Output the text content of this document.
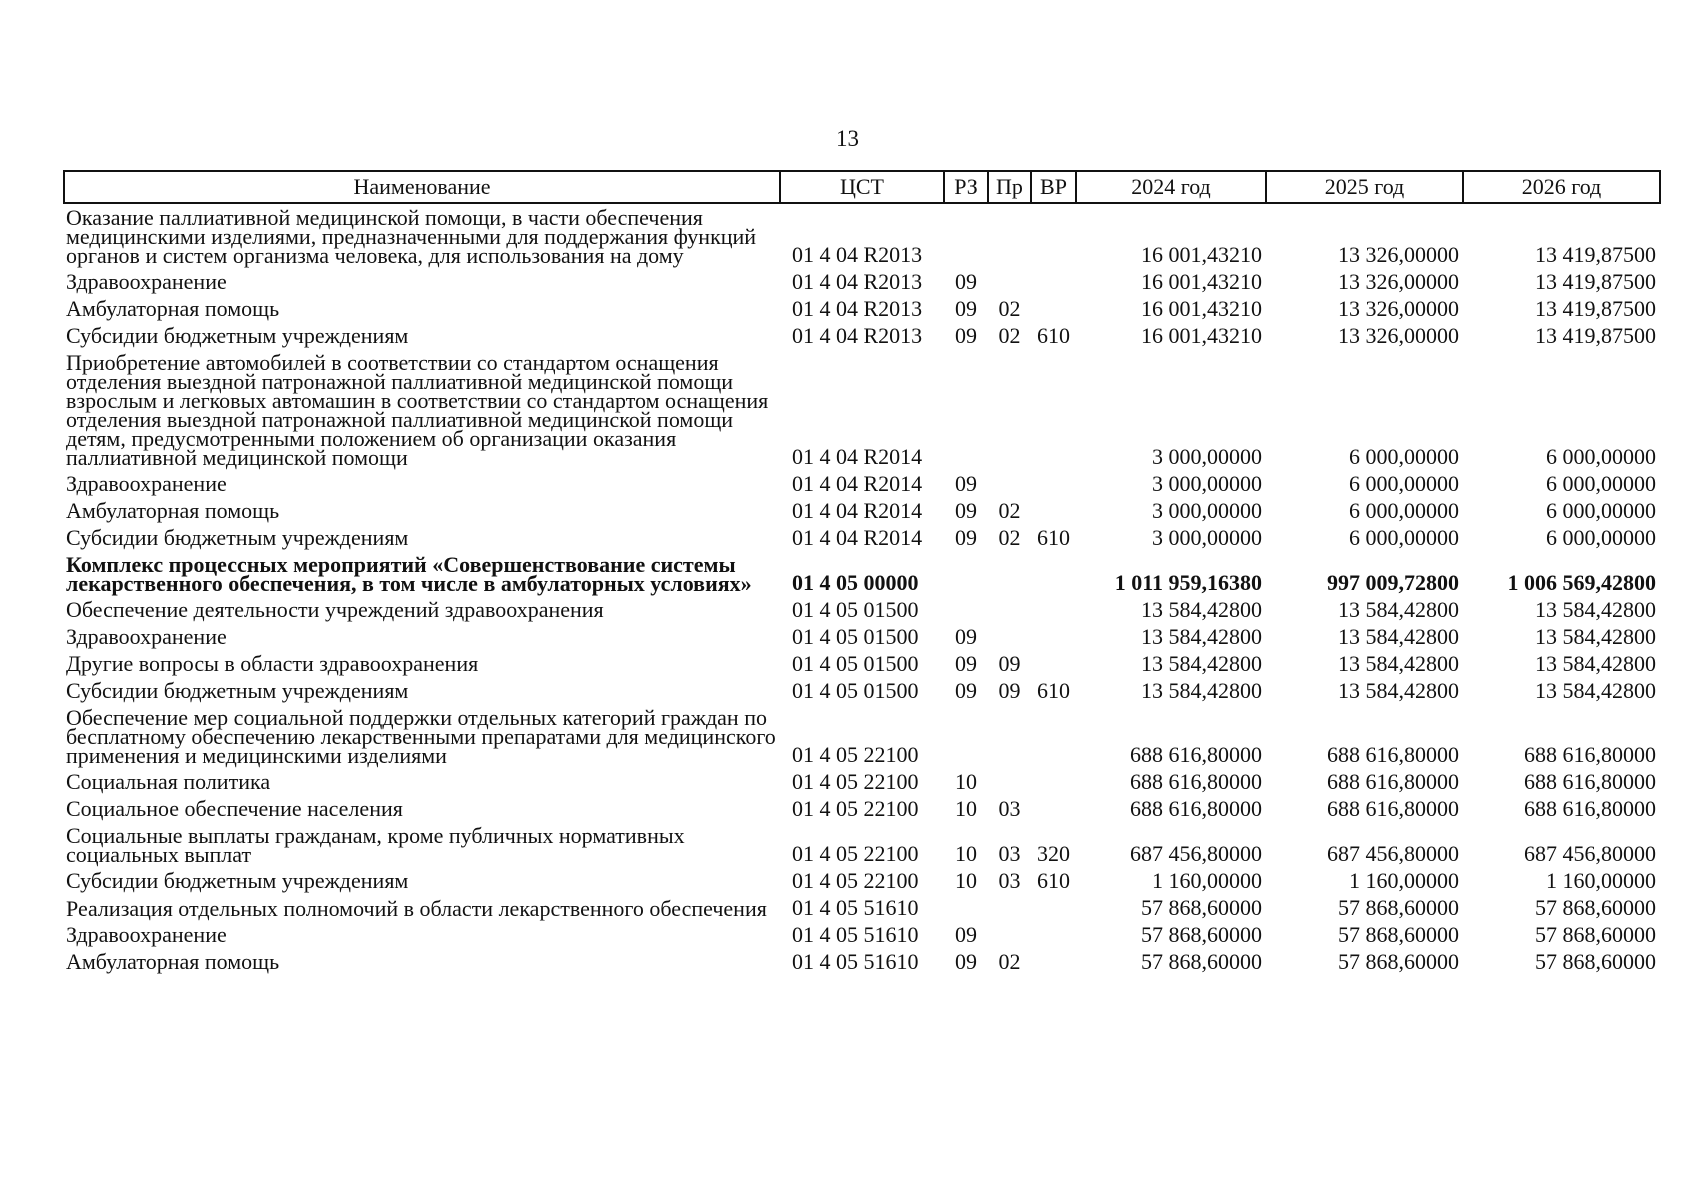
13
Наименование	ЦСТ	РЗ	Пр	ВР	2024 год	2025 год	2026 год
Оказание паллиативной медицинской помощи, в части обеспечения медицинскими изделиями, предназначенными для поддержания функций органов и систем организма человека, для использования на дому	01 4 04 R2013				16 001,43210	13 326,00000	13 419,87500
Здравоохранение	01 4 04 R2013	09			16 001,43210	13 326,00000	13 419,87500
Амбулаторная помощь	01 4 04 R2013	09	02		16 001,43210	13 326,00000	13 419,87500
Субсидии бюджетным учреждениям	01 4 04 R2013	09	02	610	16 001,43210	13 326,00000	13 419,87500
Приобретение автомобилей в соответствии со стандартом оснащения отделения выездной патронажной паллиативной медицинской помощи взрослым и легковых автомашин в соответствии со стандартом оснащения отделения выездной патронажной паллиативной медицинской помощи детям, предусмотренными положением об организации оказания паллиативной медицинской помощи	01 4 04 R2014				3 000,00000	6 000,00000	6 000,00000
Здравоохранение	01 4 04 R2014	09			3 000,00000	6 000,00000	6 000,00000
Амбулаторная помощь	01 4 04 R2014	09	02		3 000,00000	6 000,00000	6 000,00000
Субсидии бюджетным учреждениям	01 4 04 R2014	09	02	610	3 000,00000	6 000,00000	6 000,00000
Комплекс процессных мероприятий «Совершенствование системы лекарственного обеспечения, в том числе в амбулаторных условиях»	01 4 05 00000				1 011 959,16380	997 009,72800	1 006 569,42800
Обеспечение деятельности учреждений здравоохранения	01 4 05 01500				13 584,42800	13 584,42800	13 584,42800
Здравоохранение	01 4 05 01500	09			13 584,42800	13 584,42800	13 584,42800
Другие вопросы в области здравоохранения	01 4 05 01500	09	09		13 584,42800	13 584,42800	13 584,42800
Субсидии бюджетным учреждениям	01 4 05 01500	09	09	610	13 584,42800	13 584,42800	13 584,42800
Обеспечение мер социальной поддержки отдельных категорий граждан по бесплатному обеспечению лекарственными препаратами для медицинского применения и медицинскими изделиями	01 4 05 22100				688 616,80000	688 616,80000	688 616,80000
Социальная политика	01 4 05 22100	10			688 616,80000	688 616,80000	688 616,80000
Социальное обеспечение населения	01 4 05 22100	10	03		688 616,80000	688 616,80000	688 616,80000
Социальные выплаты гражданам, кроме публичных нормативных социальных выплат	01 4 05 22100	10	03	320	687 456,80000	687 456,80000	687 456,80000
Субсидии бюджетным учреждениям	01 4 05 22100	10	03	610	1 160,00000	1 160,00000	1 160,00000
Реализация отдельных полномочий в области лекарственного обеспечения	01 4 05 51610				57 868,60000	57 868,60000	57 868,60000
Здравоохранение	01 4 05 51610	09			57 868,60000	57 868,60000	57 868,60000
Амбулаторная помощь	01 4 05 51610	09	02		57 868,60000	57 868,60000	57 868,60000
